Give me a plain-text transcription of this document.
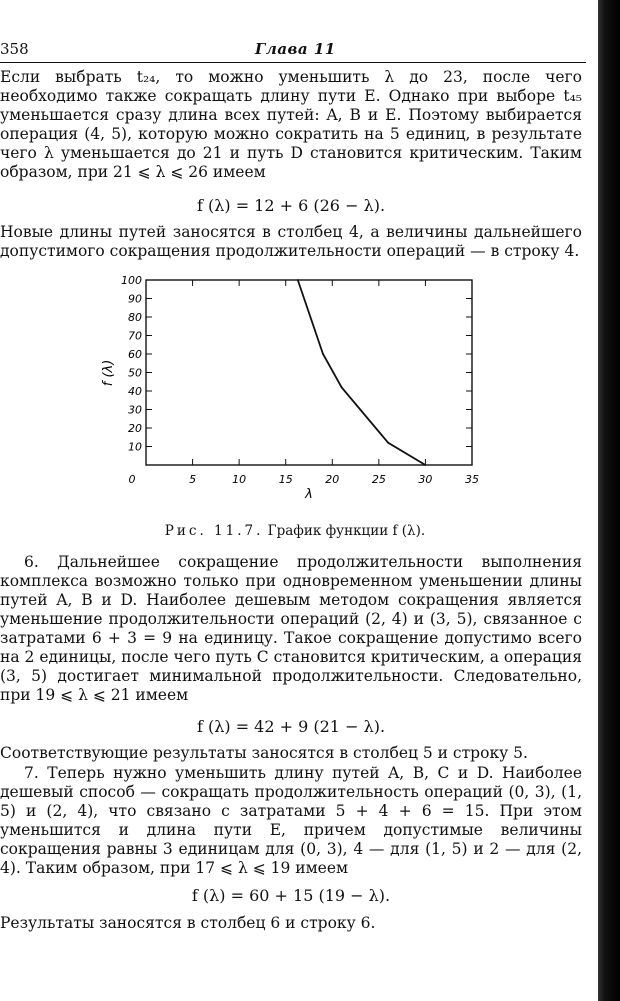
358	Глава 11

Если выбрать t₂₄, то можно уменьшить λ до 23, после чего необходимо также сокращать длину пути E. Однако при выборе t₄₅ уменьшается сразу длина всех путей: A, B и E. Поэтому выбирается операция (4, 5), которую можно сократить на 5 единиц, в результате чего λ уменьшается до 21 и путь D становится критическим. Таким образом, при 21 ⩽ λ ⩽ 26 имеем

f (λ) = 12 + 6 (26 − λ).

Новые длины путей заносятся в столбец 4, а величины дальнейшего допустимого сокращения продолжительности операций — в строку 4.

10
20
30
40
50
60
70
80
90
100
0	5	10	15	20	25	30	35
λ
f (λ)
Рис. 11.7. График функции f (λ).

6. Дальнейшее сокращение продолжительности выполнения комплекса возможно только при одновременном уменьшении длины путей A, B и D. Наиболее дешевым методом сокращения является уменьшение продолжительности операций (2, 4) и (3, 5), связанное с затратами 6 + 3 = 9 на единицу. Такое сокращение допустимо всего на 2 единицы, после чего путь C становится критическим, а операция (3, 5) достигает минимальной продолжительности. Следовательно, при 19 ⩽ λ ⩽ 21 имеем

f (λ) = 42 + 9 (21 − λ).

Соответствующие результаты заносятся в столбец 5 и строку 5.

7. Теперь нужно уменьшить длину путей A, B, C и D. Наиболее дешевый способ — сокращать продолжительность операций (0, 3), (1, 5) и (2, 4), что связано с затратами 5 + 4 + 6 = 15. При этом уменьшится и длина пути E, причем допустимые величины сокращения равны 3 единицам для (0, 3), 4 — для (1, 5) и 2 — для (2, 4). Таким образом, при 17 ⩽ λ ⩽ 19 имеем

f (λ) = 60 + 15 (19 − λ).

Результаты заносятся в столбец 6 и строку 6.
